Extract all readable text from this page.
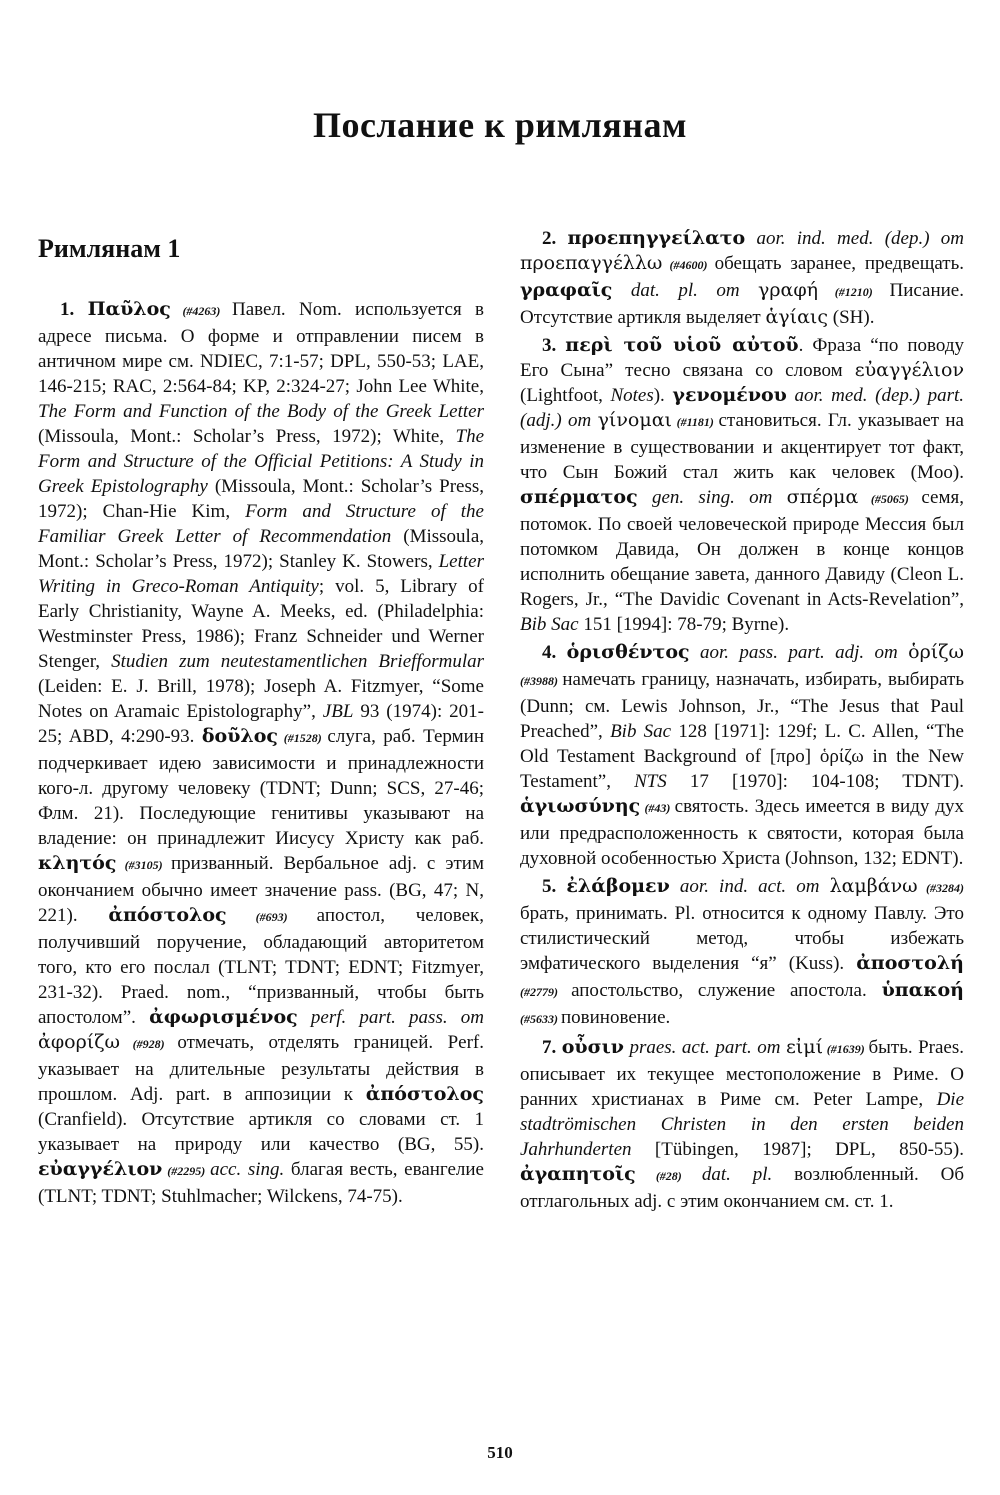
Послание к римлянам
Римлянам 1

1. Παῦλος (#4263) Павел. Nom. используется в адресе письма. О форме и отправлении писем в античном мире см. NDIEC, 7:1-57; DPL, 550-53; LAE, 146-215; RAC, 2:564-84; KP, 2:324-27; John Lee White, The Form and Function of the Body of the Greek Letter (Missoula, Mont.: Scholar’s Press, 1972); White, The Form and Structure of the Official Petitions: A Study in Greek Epistolography (Missoula, Mont.: Scholar’s Press, 1972); Chan-Hie Kim, Form and Structure of the Familiar Greek Letter of Recommendation (Missoula, Mont.: Scholar’s Press, 1972); Stanley K. Stowers, Letter Writing in Greco-Roman Antiquity; vol. 5, Library of Early Christianity, Wayne A. Meeks, ed. (Philadelphia: Westminster Press, 1986); Franz Schneider und Werner Stenger, Studien zum neutestamentlichen Briefformular (Leiden: E. J. Brill, 1978); Joseph A. Fitzmyer, “Some Notes on Aramaic Epistolography”, JBL 93 (1974): 201-25; ABD, 4:290-93. δοῦλος (#1528) слуга, раб. Термин подчеркивает идею зависимости и принадлежности кого-л. другому человеку (TDNT; Dunn; SCS, 27-46; Флм. 21). Последующие генитивы указывают на владение: он принадлежит Иисусу Христу как раб. κλητός (#3105) призванный. Вербальное adj. с этим окончанием обычно имеет значение pass. (BG, 47; N, 221). ἀπόστολος (#693) апостол, человек, получивший поручение, обладающий авторитетом того, кто его послал (TLNT; TDNT; EDNT; Fitzmyer, 231-32). Praed. nom., “призванный, чтобы быть апостолом”. ἀφωρισμένος perf. part. pass. от ἀφορίζω (#928) отмечать, отделять границей. Perf. указывает на длительные результаты действия в прошлом. Adj. part. в аппозиции к ἀπόστολος (Cranfield). Отсутствие артикля со словами ст. 1 указывает на природу или качество (BG, 55). εὐαγγέλιον (#2295) acc. sing. благая весть, евангелие (TLNT; TDNT; Stuhlmacher; Wilckens, 74-75).

2. προεπηγγείλατο aor. ind. med. (dep.) от προεπαγγέλλω (#4600) обещать заранее, предвещать. γραφαῖς dat. pl. от γραφή (#1210) Писание. Отсутствие артикля выделяет ἁγίαις (SH).

3. περὶ τοῦ υἱοῦ αὐτοῦ. Фраза “по поводу Его Сына” тесно связана со словом εὐαγγέλιον (Lightfoot, Notes). γενομένου aor. med. (dep.) part. (adj.) от γίνομαι (#1181) становиться. Гл. указывает на изменение в существовании и акцентирует тот факт, что Сын Божий стал жить как человек (Moo). σπέρματος gen. sing. от σπέρμα (#5065) семя, потомок. По своей человеческой природе Мессия был потомком Давида, Он должен в конце концов исполнить обещание завета, данного Давиду (Cleon L. Rogers, Jr., “The Davidic Covenant in Acts-Revelation”, Bib Sac 151 [1994]: 78-79; Byrne).

4. ὁρισθέντος aor. pass. part. adj. от ὁρίζω (#3988) намечать границу, назначать, избирать, выбирать (Dunn; см. Lewis Johnson, Jr., “The Jesus that Paul Preached”, Bib Sac 128 [1971]: 129f; L. C. Allen, “The Old Testament Background of [προ] ὁρίζω in the New Testament”, NTS 17 [1970]: 104-108; TDNT). ἁγιωσύνης (#43) святость. Здесь имеется в виду дух или предрасположенность к святости, которая была духовной особенностью Христа (Johnson, 132; EDNT).

5. ἐλάβομεν aor. ind. act. от λαμβάνω (#3284) брать, принимать. Pl. относится к одному Павлу. Это стилистический метод, чтобы избежать эмфатического выделения “я” (Kuss). ἀποστολή (#2779) апостольство, служение апостола. ὑπακοή (#5633) повиновение.

7. οὖσιν praes. act. part. от εἰμί (#1639) быть. Praes. описывает их текущее местоположение в Риме. О ранних христианах в Риме см. Peter Lampe, Die stadtrömischen Christen in den ersten beiden Jahrhunderten [Tübingen, 1987]; DPL, 850-55). ἀγαπητοῖς (#28) dat. pl. возлюбленный. Об отглагольных adj. с этим окончанием см. ст. 1.

510
